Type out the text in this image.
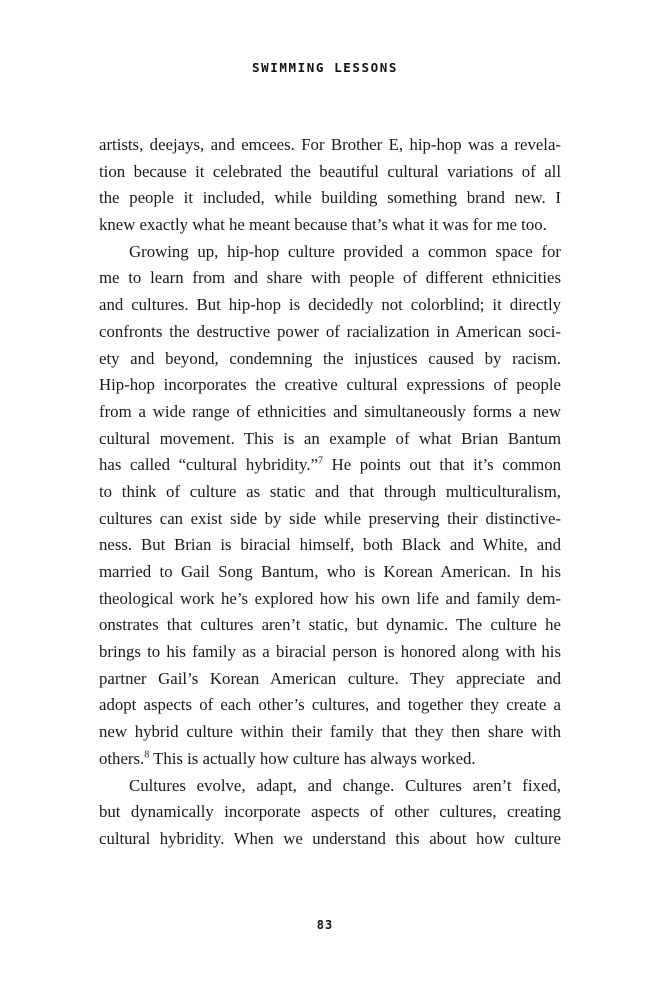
SWIMMING LESSONS
artists, deejays, and emcees. For Brother E, hip-hop was a revela-
tion because it celebrated the beautiful cultural variations of all
the people it included, while building something brand new. I
knew exactly what he meant because that’s what it was for me too.
Growing up, hip-hop culture provided a common space for
me to learn from and share with people of different ethnicities
and cultures. But hip-hop is decidedly not colorblind; it directly
confronts the destructive power of racialization in American soci-
ety and beyond, condemning the injustices caused by racism.
Hip-hop incorporates the creative cultural expressions of people
from a wide range of ethnicities and simultaneously forms a new
cultural movement. This is an example of what Brian Bantum
has called “cultural hybridity.”$^7$ He points out that it’s common
to think of culture as static and that through multiculturalism,
cultures can exist side by side while preserving their distinctive-
ness. But Brian is biracial himself, both Black and White, and
married to Gail Song Bantum, who is Korean American. In his
theological work he’s explored how his own life and family dem-
onstrates that cultures aren’t static, but dynamic. The culture he
brings to his family as a biracial person is honored along with his
partner Gail’s Korean American culture. They appreciate and
adopt aspects of each other’s cultures, and together they create a
new hybrid culture within their family that they then share with
others.$^8$ This is actually how culture has always worked.
Cultures evolve, adapt, and change. Cultures aren’t fixed,
but dynamically incorporate aspects of other cultures, creating
cultural hybridity. When we understand this about how culture
83
